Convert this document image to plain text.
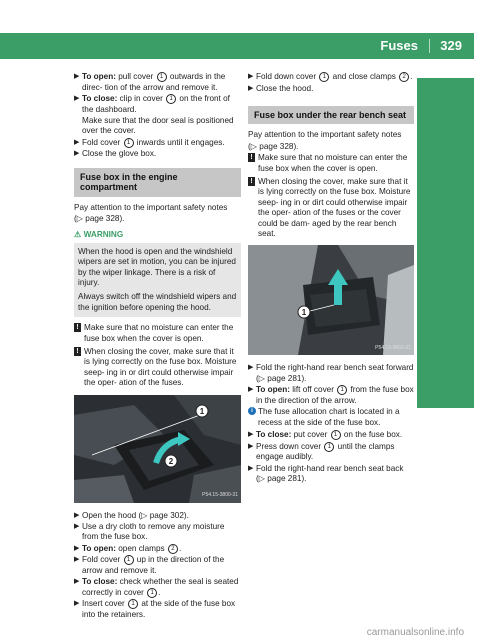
Fuses 329
Breakdown assitance
▶ To open: pull cover 1 outwards in the direc- tion of the arrow and remove it.
▶ To close: clip in cover 1 on the front of the dashboard.
Make sure that the door seal is positioned over the cover.
▶ Fold cover 1 inwards until it engages.
▶ Close the glove box.
Fuse box in the engine compartment
Pay attention to the important safety notes
(▷ page 328).
⚠ WARNING
When the hood is open and the windshield wipers are set in motion, you can be injured by the wiper linkage. There is a risk of injury.
Always switch off the windshield wipers and the ignition before opening the hood.
! Make sure that no moisture can enter the fuse box when the cover is open.
! When closing the cover, make sure that it is lying correctly on the fuse box. Moisture seep- ing in or dirt could otherwise impair the oper- ation of the fuses.
1
2
P54.15-3800-31
▶ Open the hood (▷ page 302).
▶ Use a dry cloth to remove any moisture from the fuse box.
▶ To open: open clamps 2 .
▶ Fold cover 1 up in the direction of the arrow and remove it.
▶ To close: check whether the seal is seated correctly in cover 1 .
▶ Insert cover 1 at the side of the fuse box into the retainers.
▶ Fold down cover 1 and close clamps 2 .
▶ Close the hood.
Fuse box under the rear bench seat
Pay attention to the important safety notes
(▷ page 328).
! Make sure that no moisture can enter the fuse box when the cover is open.
! When closing the cover, make sure that it is lying correctly on the fuse box. Moisture seep- ing in or dirt could otherwise impair the oper- ation of the fuses or the cover could be dam- aged by the rear bench seat.
1
P54.15-3669-31
▶ Fold the right-hand rear bench seat forward (▷ page 281).
▶ To open: lift off cover 1 from the fuse box in the direction of the arrow.
i The fuse allocation chart is located in a recess at the side of the fuse box.
▶ To close: put cover 1 on the fuse box.
▶ Press down cover 1 until the clamps engage audibly.
▶ Fold the right-hand rear bench seat back (▷ page 281).
carmanualsonline.info
